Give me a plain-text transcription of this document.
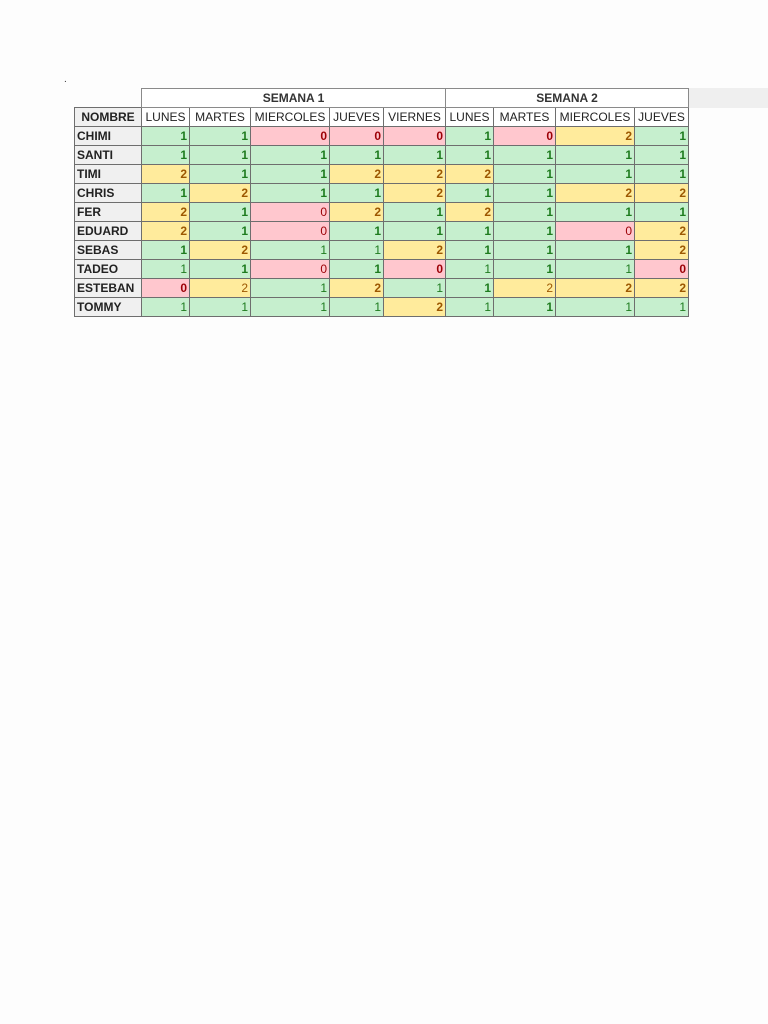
.
	SEMANA 1					SEMANA 2			
NOMBRE	LUNES	MARTES	MIERCOLES	JUEVES	VIERNES	LUNES	MARTES	MIERCOLES	JUEVES
CHIMI	1	1	0	0	0	1	0	2	1
SANTI	1	1	1	1	1	1	1	1	1
TIMI	2	1	1	2	2	2	1	1	1
CHRIS	1	2	1	1	2	1	1	2	2
FER	2	1	0	2	1	2	1	1	1
EDUARD	2	1	0	1	1	1	1	0	2
SEBAS	1	2	1	1	2	1	1	1	2
TADEO	1	1	0	1	0	1	1	1	0
ESTEBAN	0	2	1	2	1	1	2	2	2
TOMMY	1	1	1	1	2	1	1	1	1
